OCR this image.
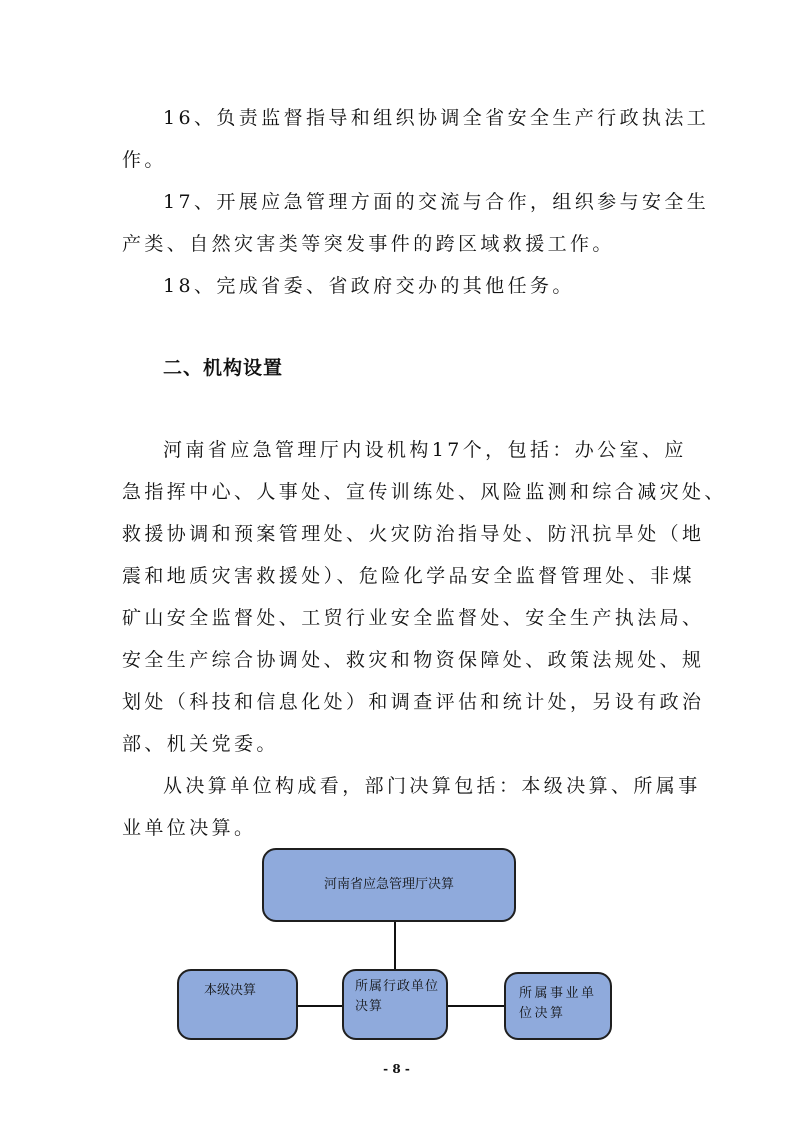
16、负责监督指导和组织协调全省安全生产行政执法工
作。
17、开展应急管理方面的交流与合作，组织参与安全生
产类、自然灾害类等突发事件的跨区域救援工作。
18、完成省委、省政府交办的其他任务。
二、机构设置
河南省应急管理厅内设机构17个，包括：办公室、应
急指挥中心、人事处、宣传训练处、风险监测和综合减灾处、
救援协调和预案管理处、火灾防治指导处、防汛抗旱处（地
震和地质灾害救援处）、危险化学品安全监督管理处、非煤
矿山安全监督处、工贸行业安全监督处、安全生产执法局、
安全生产综合协调处、救灾和物资保障处、政策法规处、规
划处（科技和信息化处）和调查评估和统计处，另设有政治
部、机关党委。
从决算单位构成看，部门决算包括：本级决算、所属事
业单位决算。
河南省应急管理厅决算
本级决算	所属行政单位
决算
所属事业单
位决算
- 8 -
